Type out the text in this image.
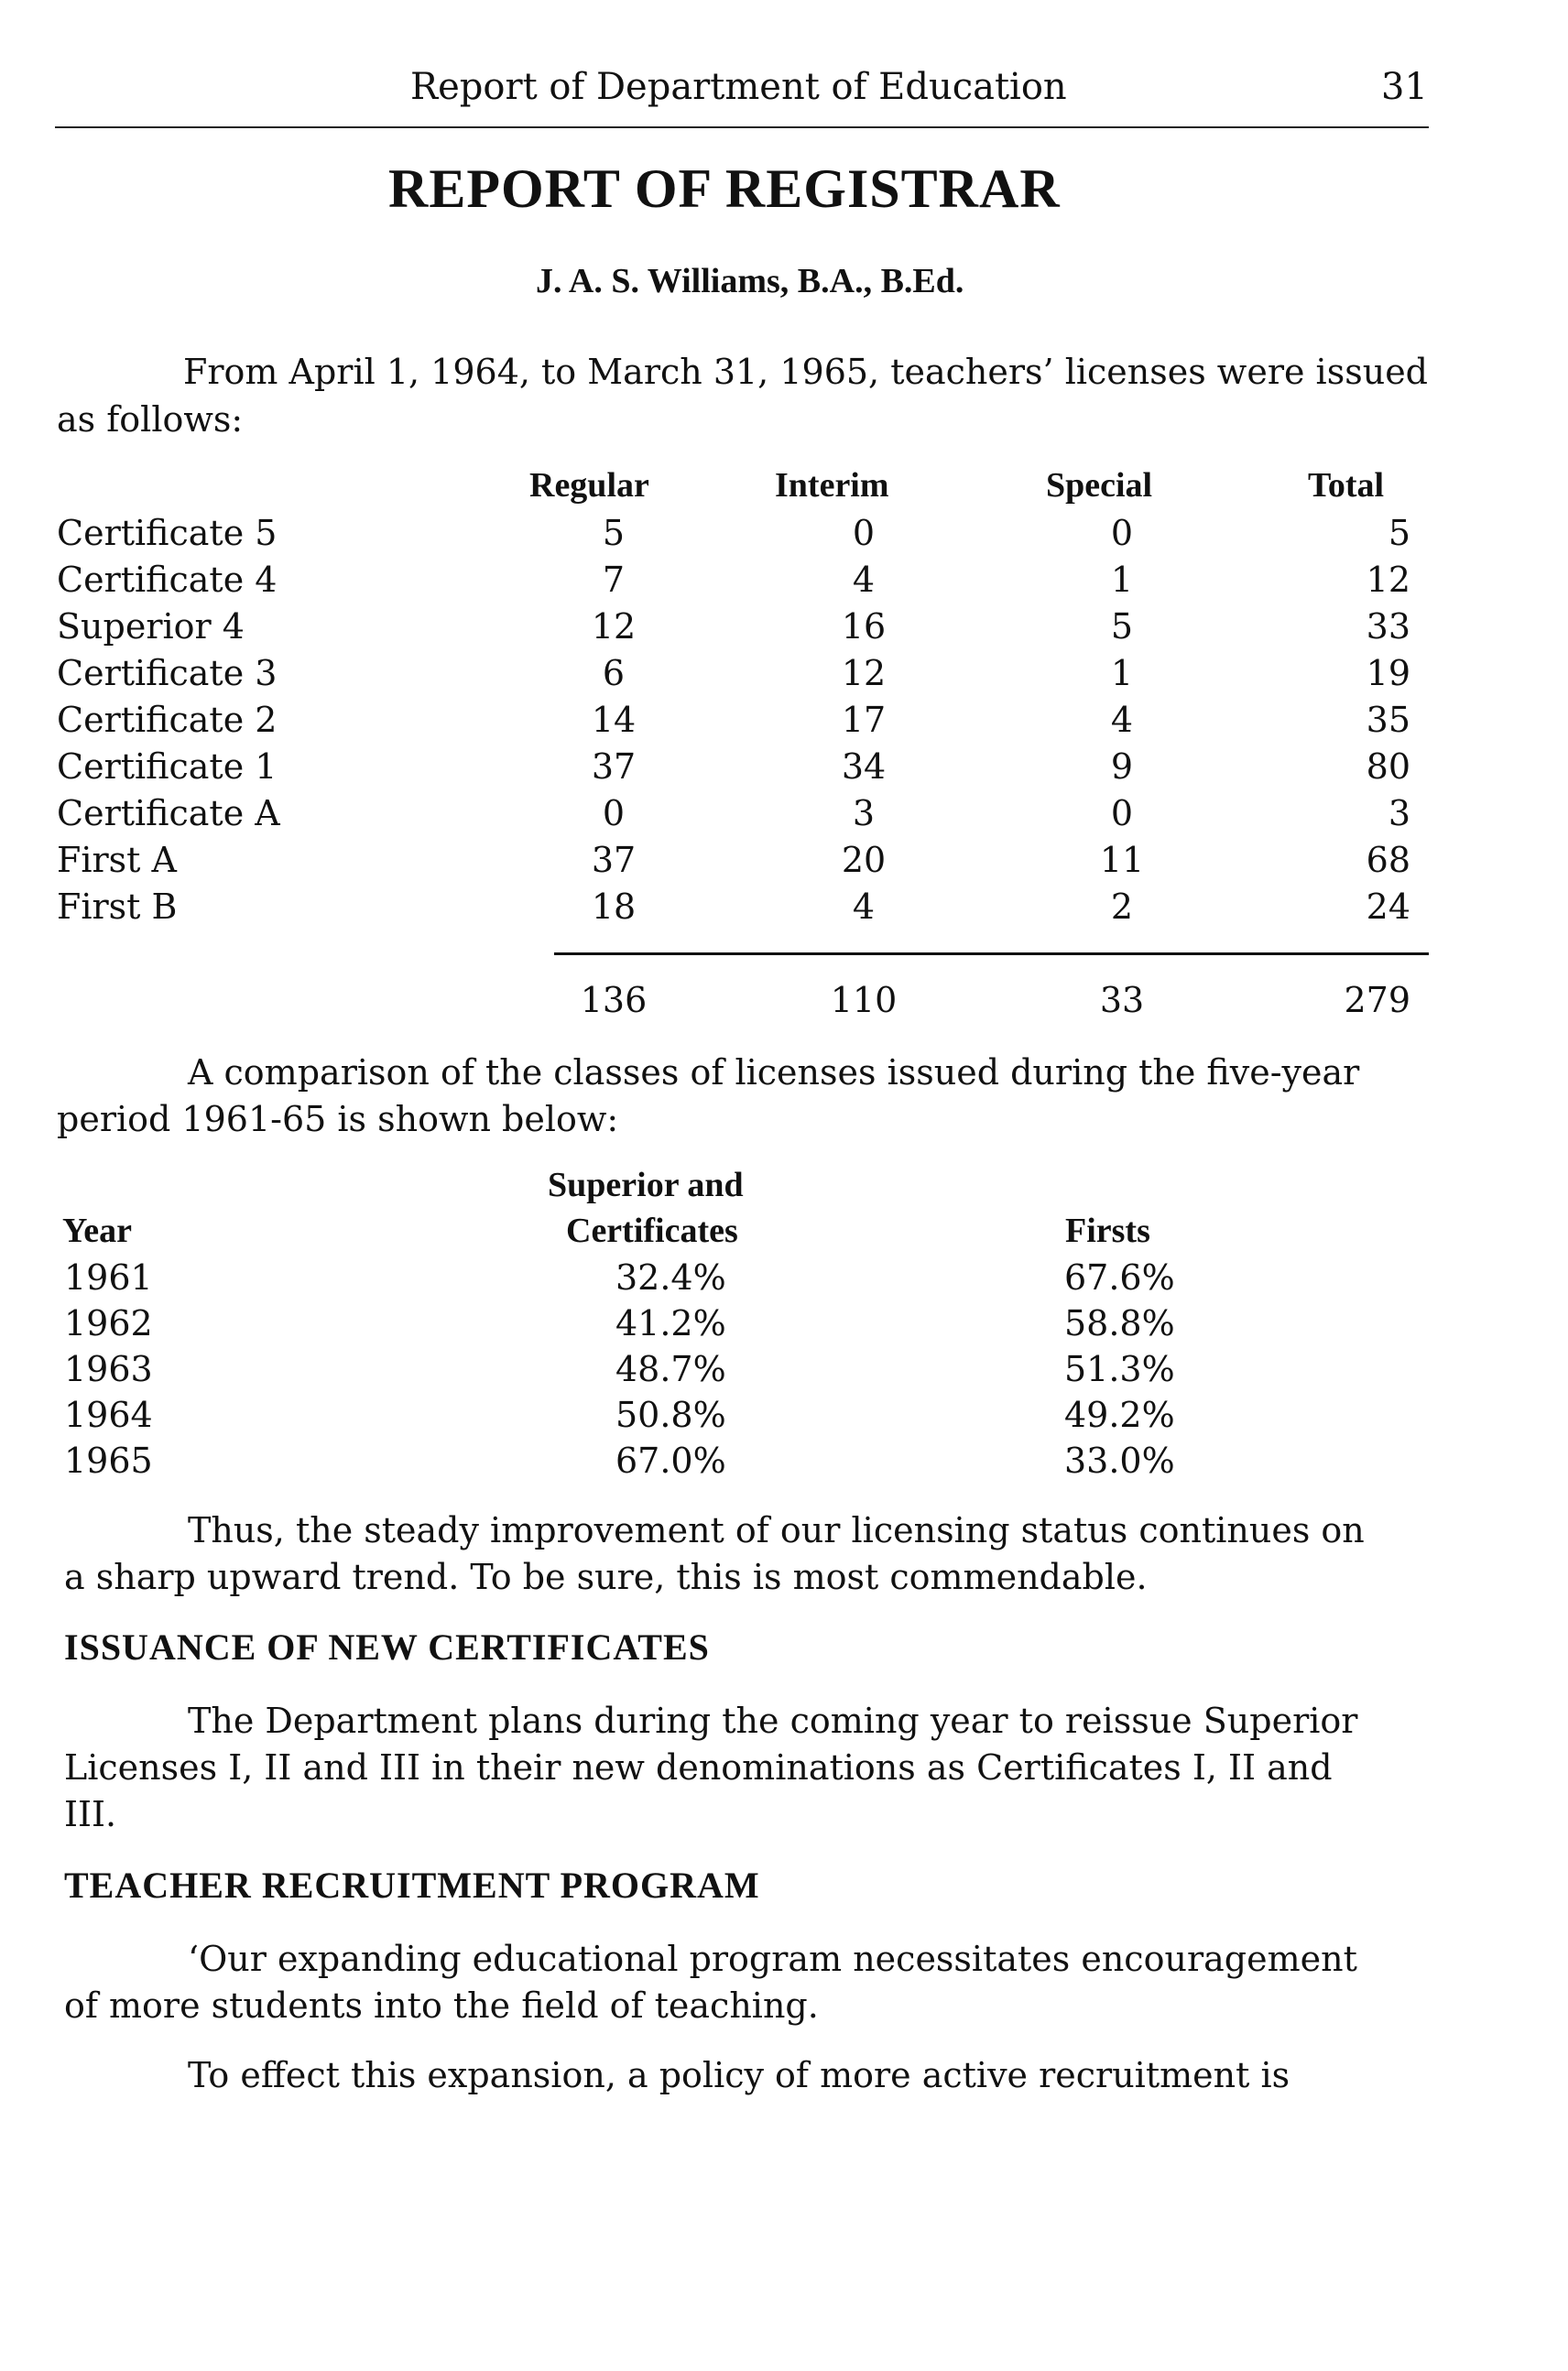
Report of Department of Education	31
REPORT OF REGISTRAR
J. A. S. Williams, B.A., B.Ed.
From April 1, 1964, to March 31, 1965, teachers’ licenses were issued
as follows:
Regular	Interim	Special	Total
Certificate 5	5	0	0	5
Certificate 4	7	4	1	12
Superior 4	12	16	5	33
Certificate 3	6	12	1	19
Certificate 2	14	17	4	35
Certificate 1	37	34	9	80
Certificate A	0	3	0	3
First A	37	20	11	68
First B	18	4	2	24
136	110	33	279
A comparison of the classes of licenses issued during the five-year
period 1961-65 is shown below:
Superior and
Year	Certificates	Firsts
1961	32.4%	67.6%
1962	41.2%	58.8%
1963	48.7%	51.3%
1964	50.8%	49.2%
1965	67.0%	33.0%
Thus, the steady improvement of our licensing status continues on
a sharp upward trend. To be sure, this is most commendable.
ISSUANCE OF NEW CERTIFICATES
The Department plans during the coming year to reissue Superior
Licenses I, II and III in their new denominations as Certificates I, II and
III.
TEACHER RECRUITMENT PROGRAM
‘Our expanding educational program necessitates encouragement
of more students into the field of teaching.
To effect this expansion, a policy of more active recruitment is
